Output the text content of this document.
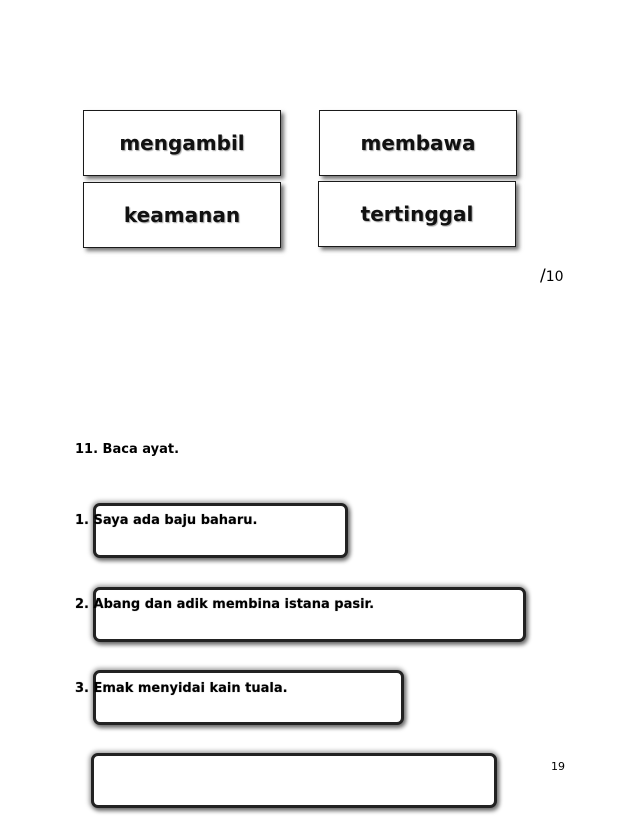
mengambil	membawa
keamanan	tertinggal
/10
11. Baca ayat.
1. Saya ada baju baharu.
2. Abang dan adik membina istana pasir.
3. Emak menyidai kain tuala.
19
